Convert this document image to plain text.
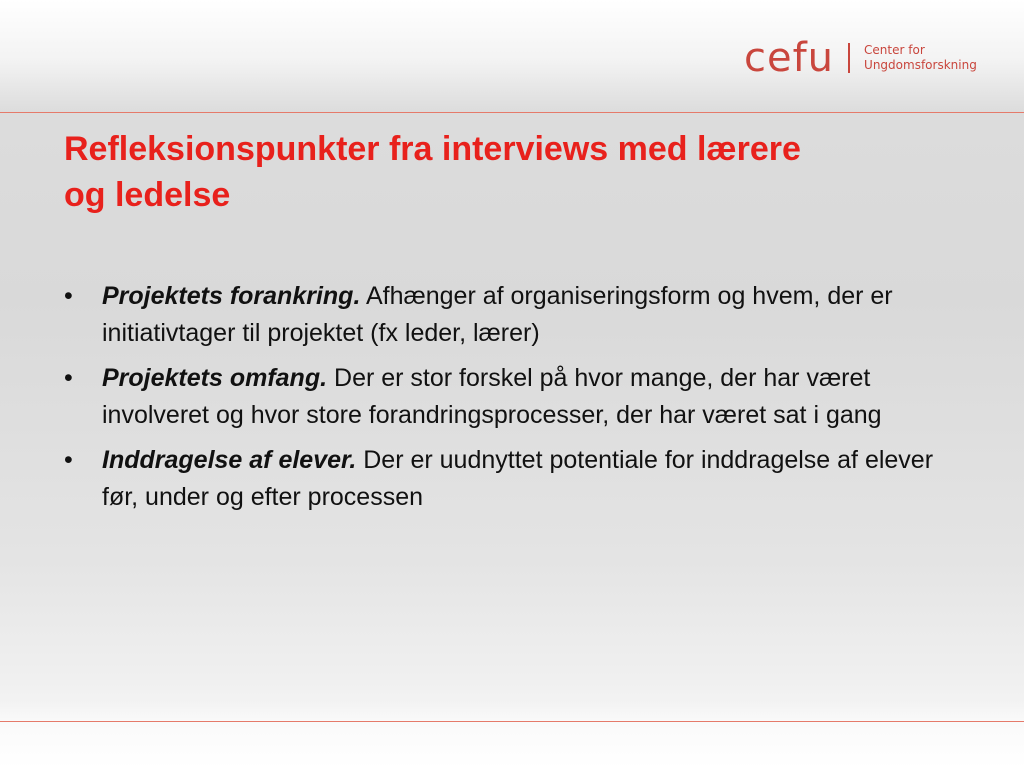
cefu	Center for
Ungdomsforskning
Refleksionspunkter fra interviews med lærere
og ledelse
•	Projektets forankring. Afhænger af organiseringsform og hvem, der er initiativtager til projektet (fx leder, lærer)
•	Projektets omfang. Der er stor forskel på hvor mange, der har været involveret og hvor store forandringsprocesser, der har været sat i gang
•	Inddragelse af elever. Der er uudnyttet potentiale for inddragelse af elever før, under og efter processen
